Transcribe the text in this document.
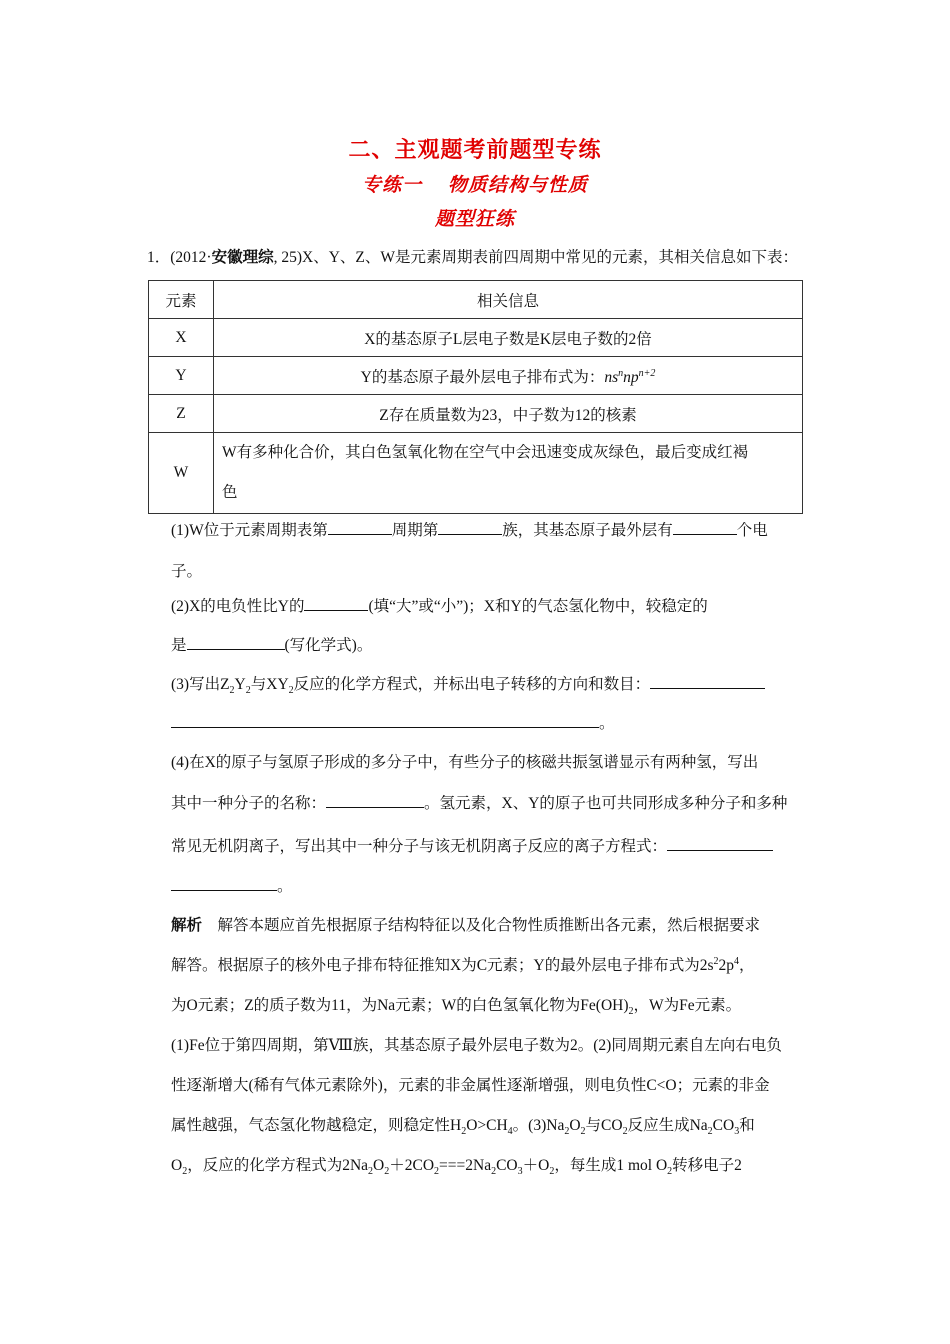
二、主观题考前题型专练
专练一　 物质结构与性质
题型狂练
1．(2012·安徽理综, 25)X、Y、Z、W是元素周期表前四周期中常见的元素，其相关信息如下表：
元素	相关信息
X	X的基态原子L层电子数是K层电子数的2倍
Y	Y的基态原子最外层电子排布式为：$ns^nnp^{n+2}$
Z	Z存在质量数为23，中子数为12的核素
W	W有多种化合价，其白色氢氧化物在空气中会迅速变成灰绿色，最后变成红褐
色
(1)W位于元素周期表第	周期第	族，其基态原子最外层有	个电
子。
(2)X的电负性比Y的	(填“大”或“小”)；X和Y的气态氢化物中，较稳定的
是	(写化学式)。
(3)写出$Z_2Y_2$与$XY_2$反应的化学方程式，并标出电子转移的方向和数目：
。
(4)在X的原子与氢原子形成的多分子中，有些分子的核磁共振氢谱显示有两种氢，写出
其中一种分子的名称：	。氢元素，X、Y的原子也可共同形成多种分子和多种
常见无机阴离子，写出其中一种分子与该无机阴离子反应的离子方程式：
。
解析　解答本题应首先根据原子结构特征以及化合物性质推断出各元素，然后根据要求
解答。根据原子的核外电子排布特征推知X为C元素；Y的最外层电子排布式为$2s^22p^4$，
为O元素；Z的质子数为11，为Na元素；W的白色氢氧化物为$Fe(OH)_2$，W为Fe元素。
(1)Fe位于第四周期，第Ⅷ族，其基态原子最外层电子数为2。(2)同周期元素自左向右电负
性逐渐增大(稀有气体元素除外)，元素的非金属性逐渐增强，则电负性C<O；元素的非金
属性越强，气态氢化物越稳定，则稳定性$H_2O>CH_4$。$(3)Na_2O_2$与$CO_2$反应生成$Na_2CO_3$和
$O_2$，反应的化学方程式为$2Na_2O_2+2CO_2===2Na_2CO_3+O_2$，每生成1 mol $O_2$转移电子2
